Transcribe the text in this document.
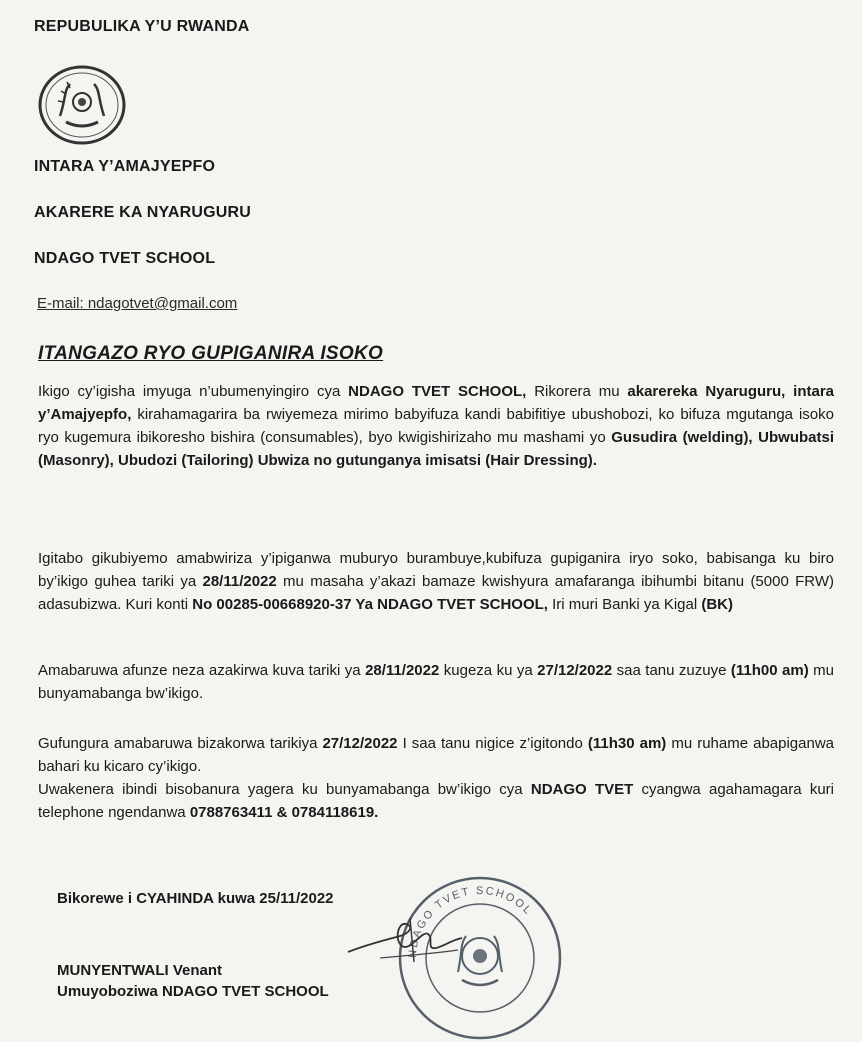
REPUBULIKA Y’U RWANDA
INTARA Y’AMAJYEPFO
AKARERE KA NYARUGURU
NDAGO TVET SCHOOL
E-mail: ndagotvet@gmail.com
ITANGAZO RYO GUPIGANIRA ISOKO
Ikigo cy’igisha imyuga n’ubumenyingiro cya NDAGO TVET SCHOOL, Rikorera mu akarereka Nyaruguru, intara y’Amajyepfo, kirahamagarira ba rwiyemeza mirimo babyifuza kandi babifitiye ubushobozi, ko bifuza mgutanga isoko ryo kugemura ibikoresho bishira (consumables), byo kwigishirizaho mu mashami yo Gusudira (welding), Ubwubatsi (Masonry), Ubudozi (Tailoring) Ubwiza no gutunganya imisatsi (Hair Dressing).
Igitabo gikubiyemo amabwiriza y’ipiganwa muburyo burambuye,kubifuza gupiganira iryo soko, babisanga ku biro by’ikigo guhea tariki ya 28/11/2022 mu masaha y’akazi bamaze kwishyura amafaranga ibihumbi bitanu (5000 FRW) adasubizwa. Kuri konti No 00285-00668920-37 Ya NDAGO TVET SCHOOL, Iri muri Banki ya Kigal (BK)
Amabaruwa afunze neza azakirwa kuva tariki ya 28/11/2022 kugeza ku ya 27/12/2022 saa tanu zuzuye (11h00 am) mu bunyamabanga bw’ikigo.
Gufungura amabaruwa bizakorwa tarikiya 27/12/2022 I saa tanu nigice z’igitondo (11h30 am) mu ruhame abapiganwa bahari ku kicaro cy’ikigo.
Uwakenera ibindi bisobanura yagera ku bunyamabanga bw’ikigo cya NDAGO TVET cyangwa agahamagara kuri telephone ngendanwa 0788763411 & 0784118619.
Bikorewe i CYAHINDA kuwa 25/11/2022
NDAGO TVET SCHOOL
MUNYENTWALI Venant
Umuyoboziwa NDAGO TVET SCHOOL
